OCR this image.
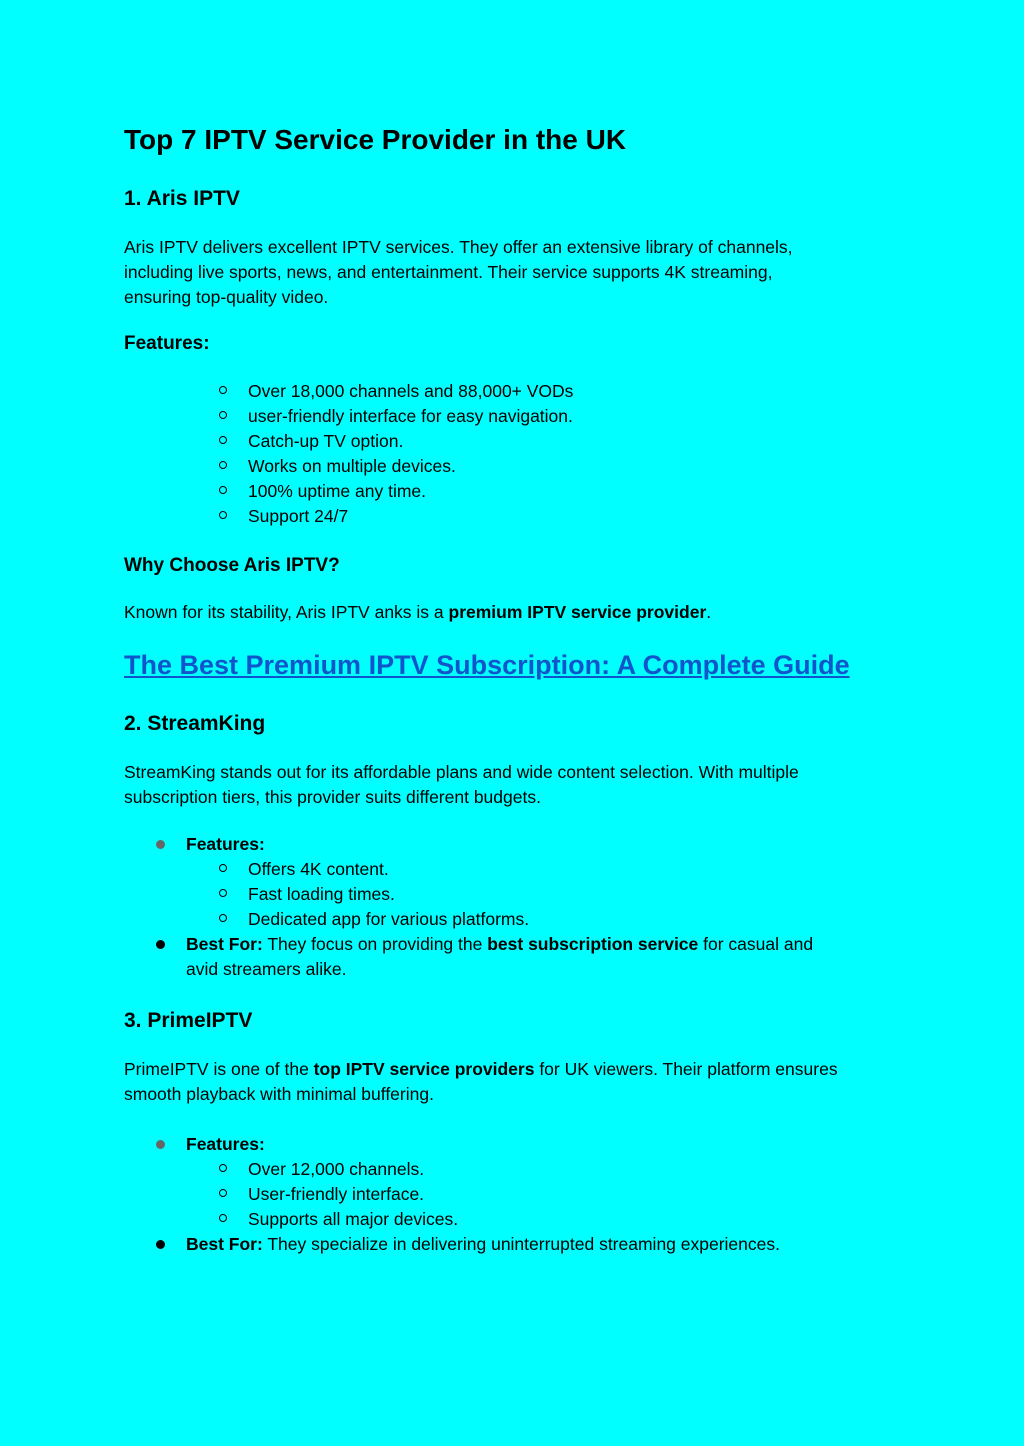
Top 7 IPTV Service Provider in the UK
1. Aris IPTV
Aris IPTV delivers excellent IPTV services. They offer an extensive library of channels,
including live sports, news, and entertainment. Their service supports 4K streaming,
ensuring top-quality video.
Features:
Over 18,000 channels and 88,000+ VODs
user-friendly interface for easy navigation.
Catch-up TV option.
Works on multiple devices.
100% uptime any time.
Support 24/7
Why Choose Aris IPTV?
Known for its stability, Aris IPTV anks is a premium IPTV service provider.
The Best Premium IPTV Subscription: A Complete Guide
2. StreamKing
StreamKing stands out for its affordable plans and wide content selection. With multiple
subscription tiers, this provider suits different budgets.
Features:
Offers 4K content.
Fast loading times.
Dedicated app for various platforms.
Best For: They focus on providing the best subscription service for casual and
avid streamers alike.
3. PrimeIPTV
PrimeIPTV is one of the top IPTV service providers for UK viewers. Their platform ensures
smooth playback with minimal buffering.
Features:
Over 12,000 channels.
User-friendly interface.
Supports all major devices.
Best For: They specialize in delivering uninterrupted streaming experiences.
